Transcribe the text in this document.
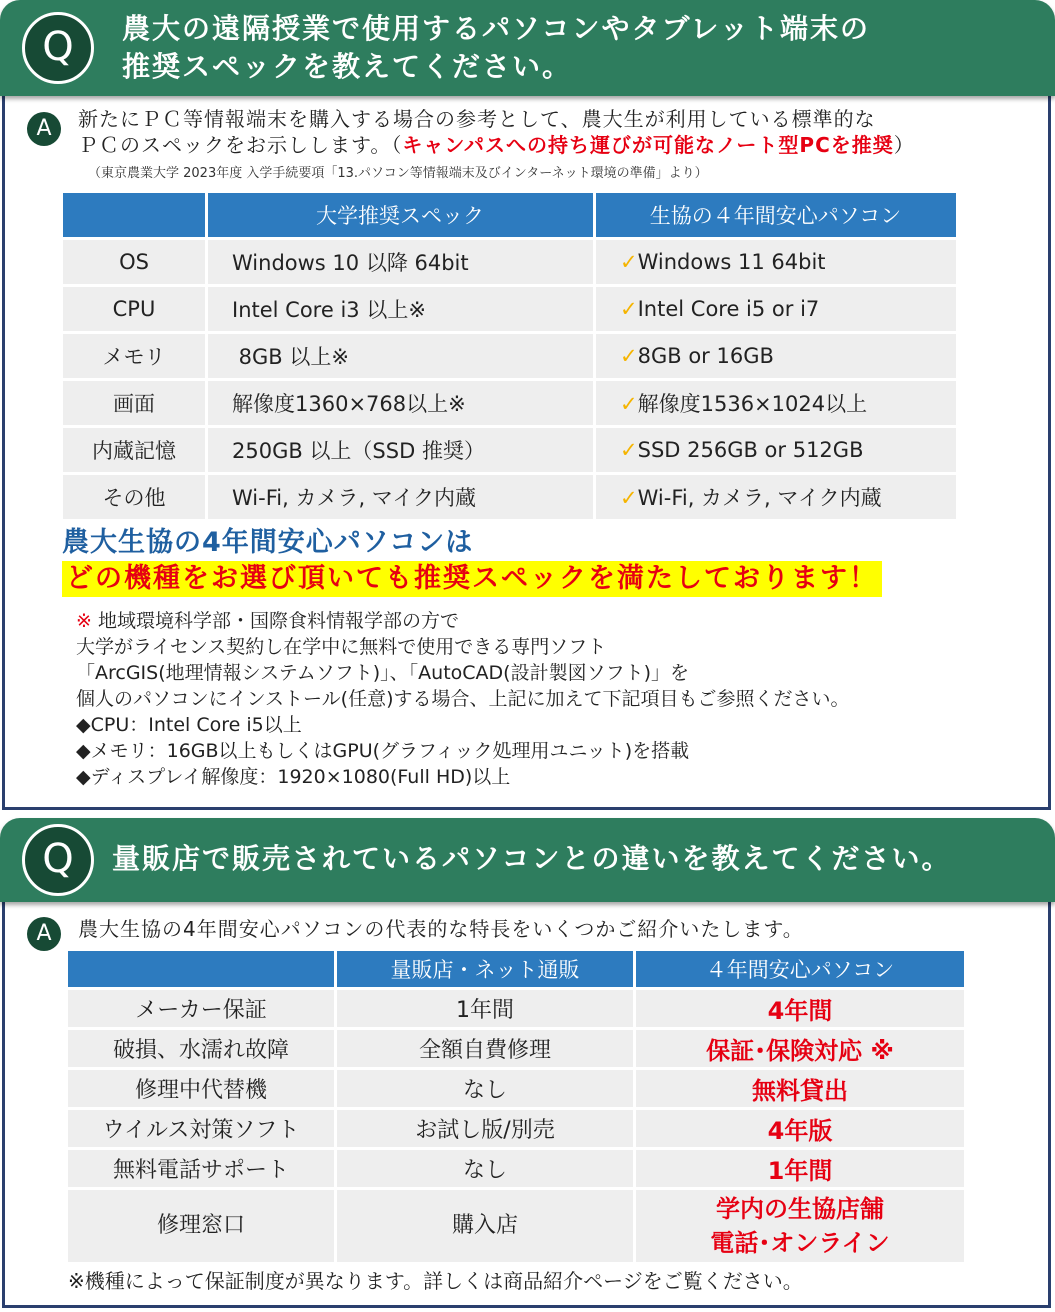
Q	農大の遠隔授業で使用するパソコンやタブレット端末の
推奨スペックを教えてください。
A	新たにＰＣ等情報端末を購入する場合の参考として、農大生が利用している標準的な
ＰＣのスペックをお示しします。（キャンパスへの持ち運びが可能なノート型PCを推奨）
（東京農業大学 2023年度 入学手続要項「13.パソコン等情報端末及びインターネット環境の準備」より）
	大学推奨スペック	生協の４年間安心パソコン
OS	Windows 10 以降 64bit	✓Windows 11 64bit
CPU	Intel Core i3 以上※	✓Intel Core i5 or i7
メモリ	8GB 以上※	✓8GB or 16GB
画面	解像度1360×768以上※	✓解像度1536×1024以上
内蔵記憶	250GB 以上（SSD 推奨）	✓SSD 256GB or 512GB
その他	Wi-Fi, カメラ, マイク内蔵	✓Wi-Fi, カメラ, マイク内蔵
農大生協の4年間安心パソコンは
どの機種をお選び頂いても推奨スペックを満たしております！
※ 地域環境科学部・国際食料情報学部の方で
大学がライセンス契約し在学中に無料で使用できる専門ソフト
「ArcGIS(地理情報システムソフト)」、「AutoCAD(設計製図ソフト)」を
個人のパソコンにインストール(任意)する場合、上記に加えて下記項目もご参照ください。
◆CPU：Intel Core i5以上
◆メモリ：16GB以上もしくはGPU(グラフィック処理用ユニット)を搭載
◆ディスプレイ解像度：1920×1080(Full HD)以上
Q	量販店で販売されているパソコンとの違いを教えてください。
A	農大生協の4年間安心パソコンの代表的な特長をいくつかご紹介いたします。
	量販店・ネット通販	４年間安心パソコン
メーカー保証	1年間	4年間
破損、水濡れ故障	全額自費修理	保証･保険対応 ※
修理中代替機	なし	無料貸出
ウイルス対策ソフト	お試し版/別売	4年版
無料電話サポート	なし	1年間
修理窓口	購入店	学内の生協店舗
電話･オンライン
※機種によって保証制度が異なります。詳しくは商品紹介ページをご覧ください。
